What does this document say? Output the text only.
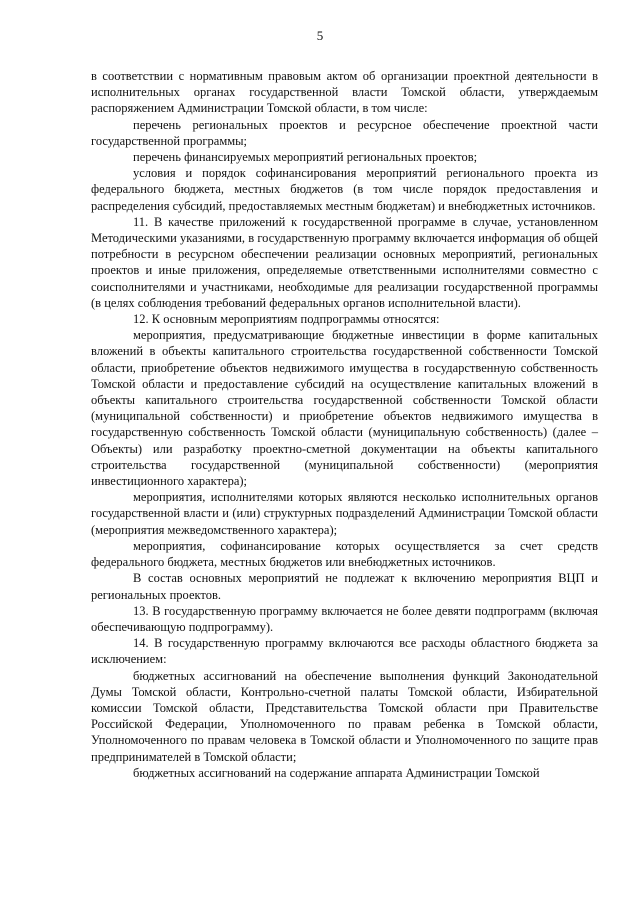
5

в соответствии с нормативным правовым актом об организации проектной деятельности в исполнительных органах государственной власти Томской области, утверждаемым распоряжением Администрации Томской области, в том числе:

перечень региональных проектов и ресурсное обеспечение проектной части государственной программы;

перечень финансируемых мероприятий региональных проектов;

условия и порядок софинансирования мероприятий регионального проекта из федерального бюджета, местных бюджетов (в том числе порядок предоставления и распределения субсидий, предоставляемых местным бюджетам) и внебюджетных источников.

11. В качестве приложений к государственной программе в случае, установленном Методическими указаниями, в государственную программу включается информация об общей потребности в ресурсном обеспечении реализации основных мероприятий, региональных проектов и иные приложения, определяемые ответственными исполнителями совместно с соисполнителями и участниками, необходимые для реализации государственной программы (в целях соблюдения требований федеральных органов исполнительной власти).

12. К основным мероприятиям подпрограммы относятся:

мероприятия, предусматривающие бюджетные инвестиции в форме капитальных вложений в объекты капитального строительства государственной собственности Томской области, приобретение объектов недвижимого имущества в государственную собственность Томской области и предоставление субсидий на осуществление капитальных вложений в объекты капитального строительства государственной собственности Томской области (муниципальной собственности) и приобретение объектов недвижимого имущества в государственную собственность Томской области (муниципальную собственность) (далее – Объекты) или разработку проектно-сметной документации на объекты капитального строительства государственной (муниципальной собственности) (мероприятия инвестиционного характера);

мероприятия, исполнителями которых являются несколько исполнительных органов государственной власти и (или) структурных подразделений Администрации Томской области (мероприятия межведомственного характера);

мероприятия, софинансирование которых осуществляется за счет средств федерального бюджета, местных бюджетов или внебюджетных источников.

В состав основных мероприятий не подлежат к включению мероприятия ВЦП и региональных проектов.

13. В государственную программу включается не более девяти подпрограмм (включая обеспечивающую подпрограмму).

14. В государственную программу включаются все расходы областного бюджета за исключением:

бюджетных ассигнований на обеспечение выполнения функций Законодательной Думы Томской области, Контрольно-счетной палаты Томской области, Избирательной комиссии Томской области, Представительства Томской области при Правительстве Российской Федерации, Уполномоченного по правам ребенка в Томской области, Уполномоченного по правам человека в Томской области и Уполномоченного по защите прав предпринимателей в Томской области;

бюджетных ассигнований на содержание аппарата Администрации Томской
